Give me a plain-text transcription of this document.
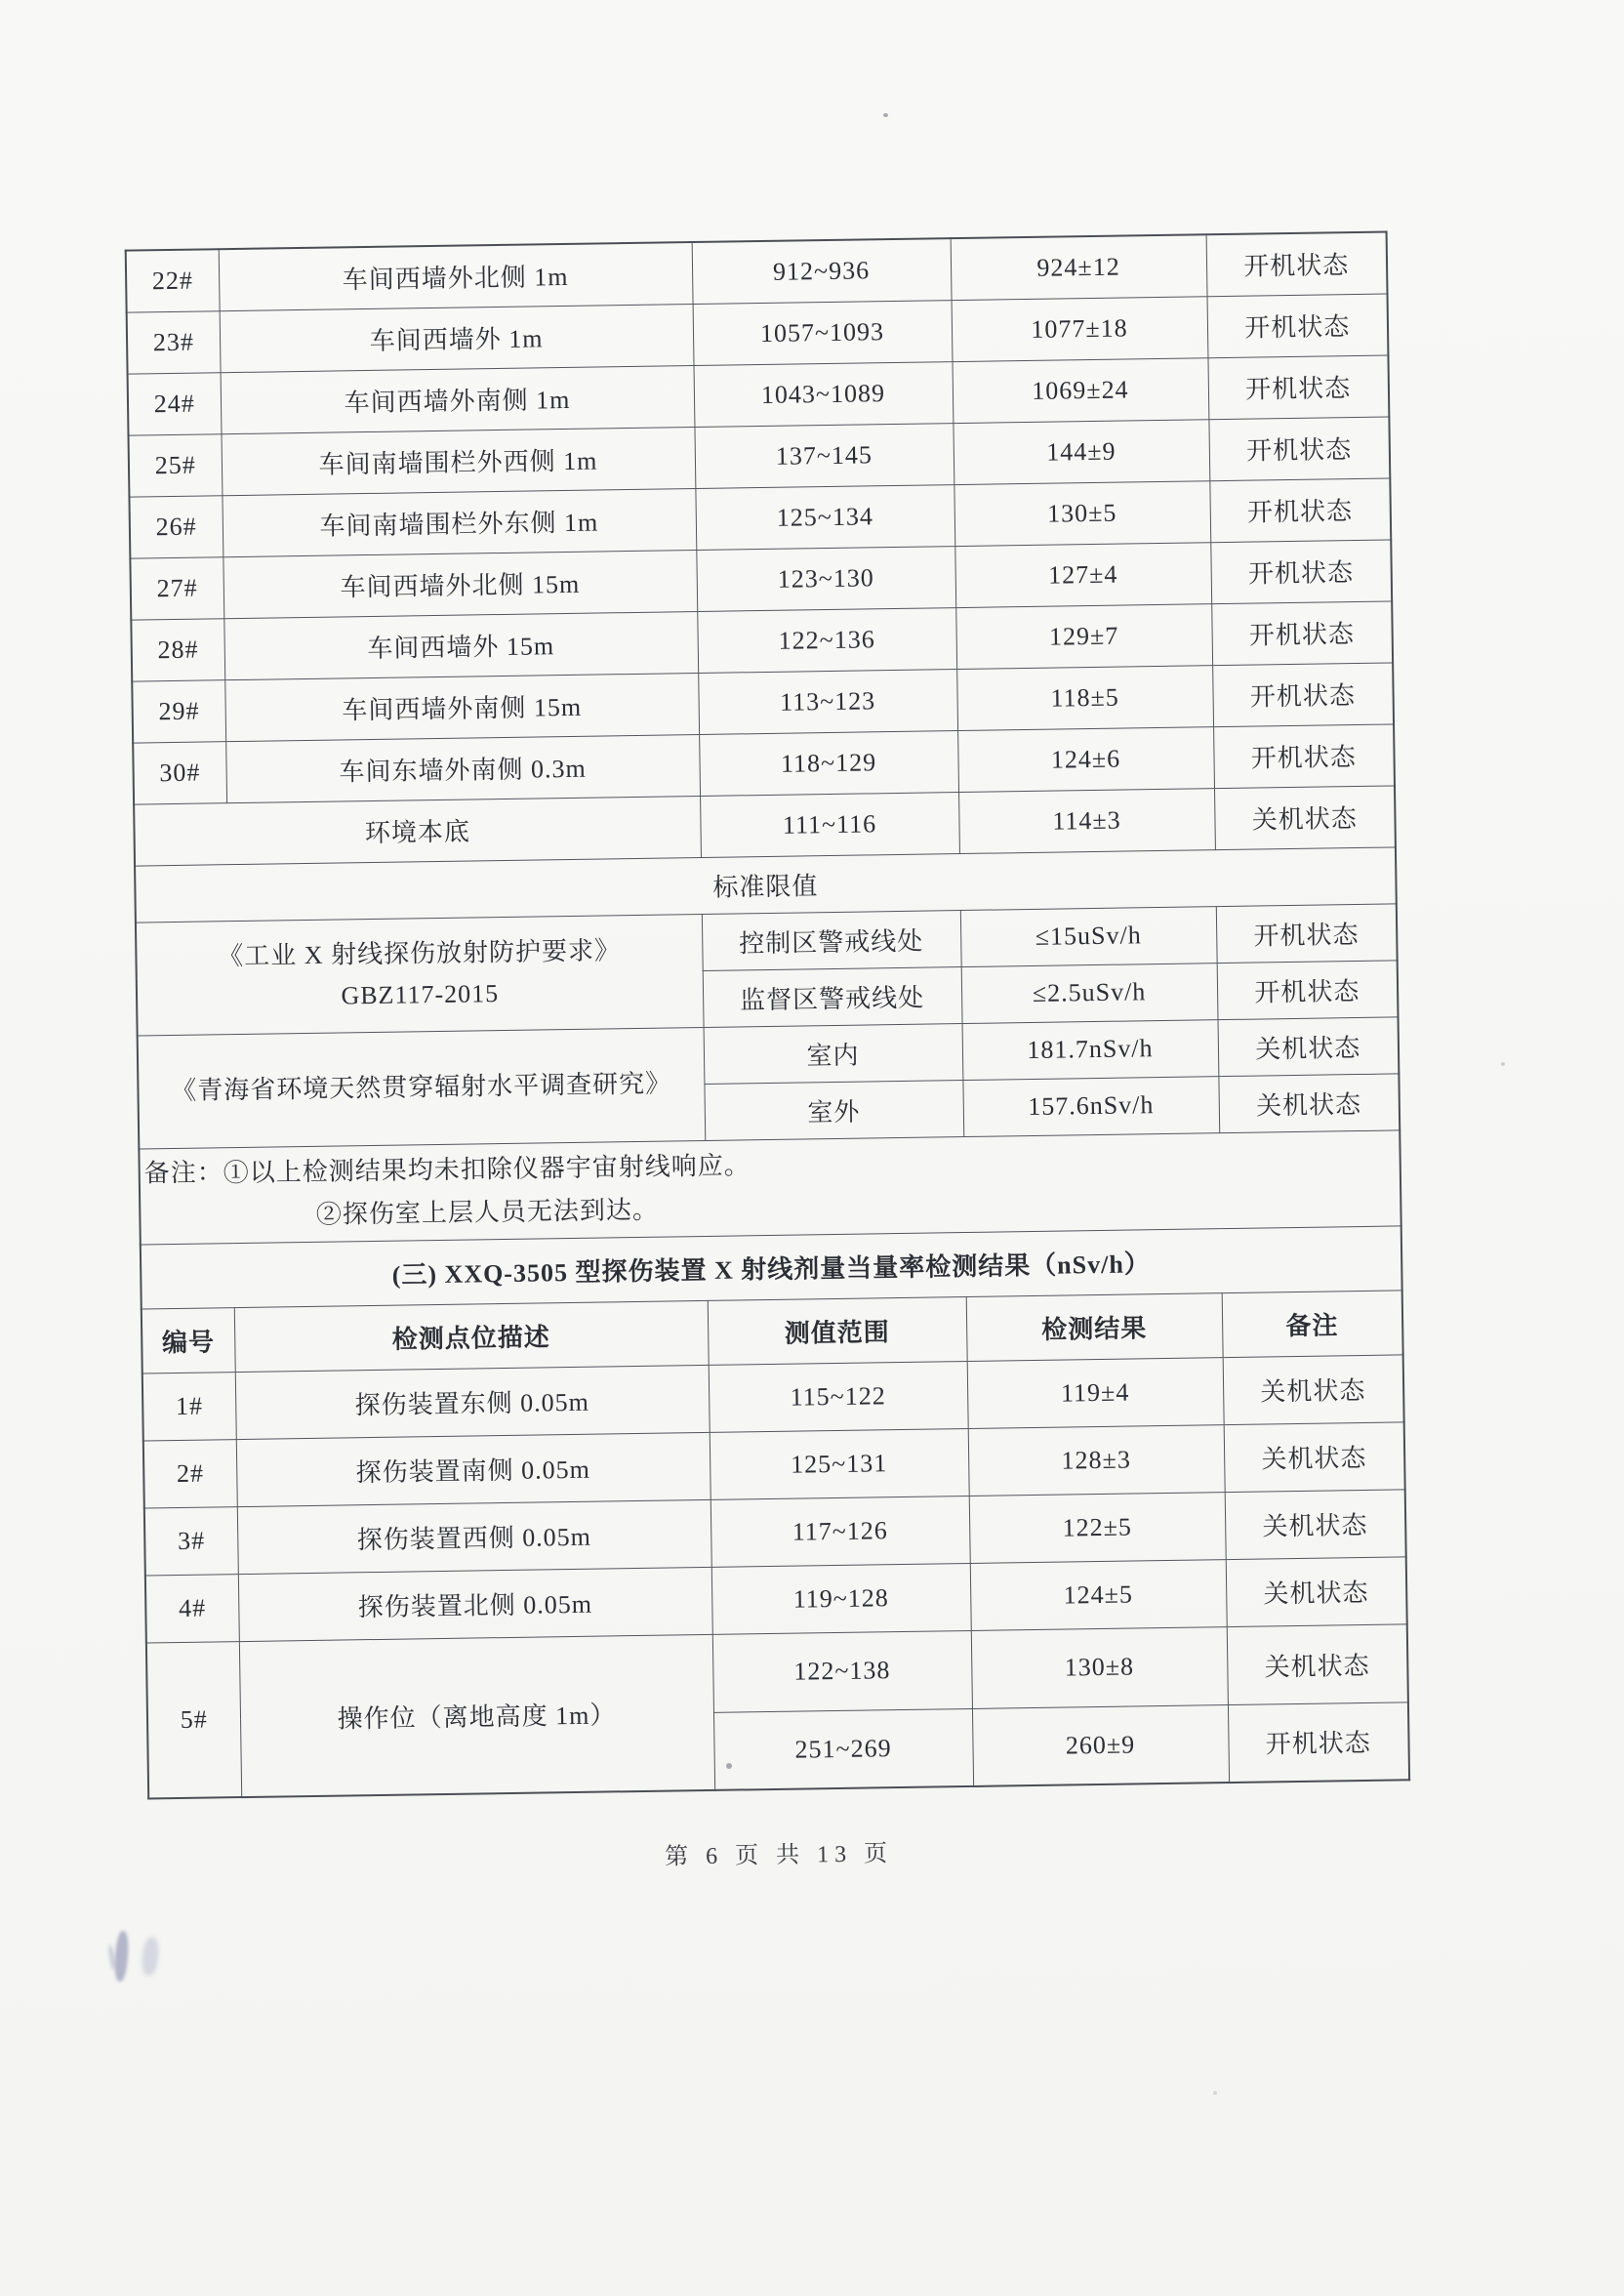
22#	车间西墙外北侧 1m	912~936	924±12	开机状态
23#	车间西墙外 1m	1057~1093	1077±18	开机状态
24#	车间西墙外南侧 1m	1043~1089	1069±24	开机状态
25#	车间南墙围栏外西侧 1m	137~145	144±9	开机状态
26#	车间南墙围栏外东侧 1m	125~134	130±5	开机状态
27#	车间西墙外北侧 15m	123~130	127±4	开机状态
28#	车间西墙外 15m	122~136	129±7	开机状态
29#	车间西墙外南侧 15m	113~123	118±5	开机状态
30#	车间东墙外南侧 0.3m	118~129	124±6	开机状态
环境本底		111~116	114±3	关机状态
标准限值				

《工业 X 射线探伤放射防护要求》
GBZ117-2015		控制区警戒线处	≤15uSv/h	开机状态
		监督区警戒线处	≤2.5uSv/h	开机状态

《青海省环境天然贯穿辐射水平调查研究》		室内	181.7nSv/h	关机状态
		室外	157.6nSv/h	关机状态

备注： ①以上检测结果均未扣除仪器宇宙射线响应。
②探伤室上层人员无法到达。				

(三) XXQ-3505 型探伤装置 X 射线剂量当量率检测结果（nSv/h）				
编号	检测点位描述	测值范围	检测结果	备注
1#	探伤装置东侧 0.05m	115~122	119±4	关机状态
2#	探伤装置南侧 0.05m	125~131	128±3	关机状态
3#	探伤装置西侧 0.05m	117~126	122±5	关机状态
4#	探伤装置北侧 0.05m	119~128	124±5	关机状态
5#	操作位（离地高度 1m）	122~138	130±8	关机状态
		251~269	260±9	开机状态
第 6 页 共 13 页
